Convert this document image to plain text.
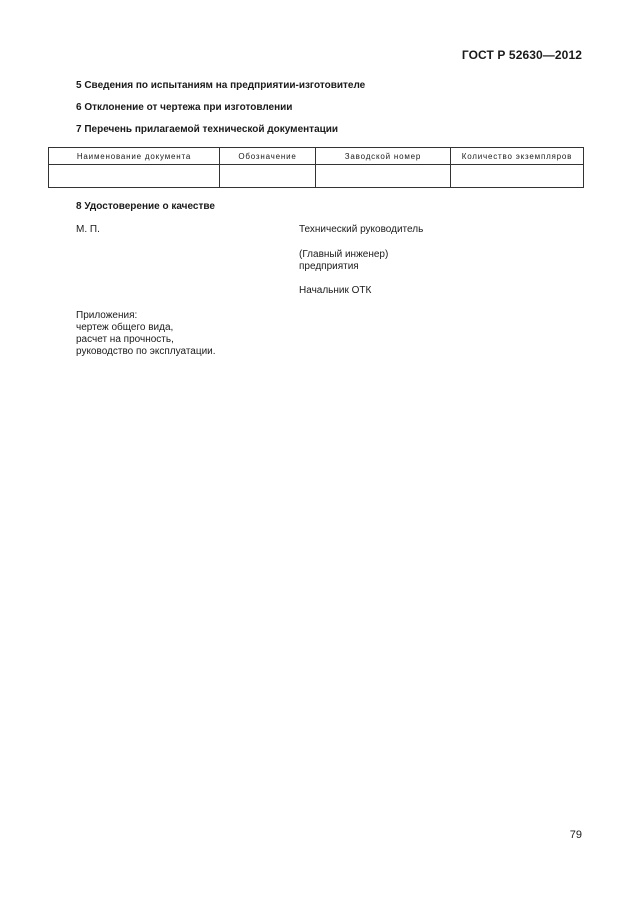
ГОСТ Р 52630—2012
5 Сведения по испытаниям на предприятии-изготовителе
6 Отклонение от чертежа при изготовлении
7 Перечень прилагаемой технической документации
Наименование документа	Обозначение	Заводской номер	Количество экземпляров

8 Удостоверение о качестве
М. П.	Технический руководитель
(Главный инженер)
предприятия
Начальник ОТК
Приложения:
чертеж общего вида,
расчет на прочность,
руководство по эксплуатации.
79
